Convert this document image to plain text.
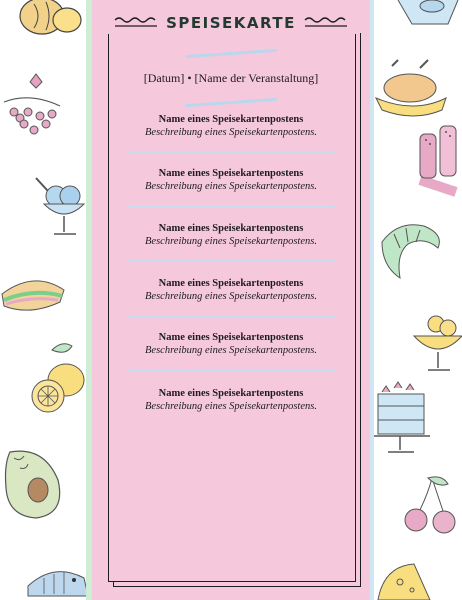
SPEISEKARTE
[Datum] • [Name der Veranstaltung]
Name eines Speisekartenpostens
Beschreibung eines Speisekartenpostens.
Name eines Speisekartenpostens
Beschreibung eines Speisekartenpostens.
Name eines Speisekartenpostens
Beschreibung eines Speisekartenpostens.
Name eines Speisekartenpostens
Beschreibung eines Speisekartenpostens.
Name eines Speisekartenpostens
Beschreibung eines Speisekartenpostens.
Name eines Speisekartenpostens
Beschreibung eines Speisekartenpostens.
